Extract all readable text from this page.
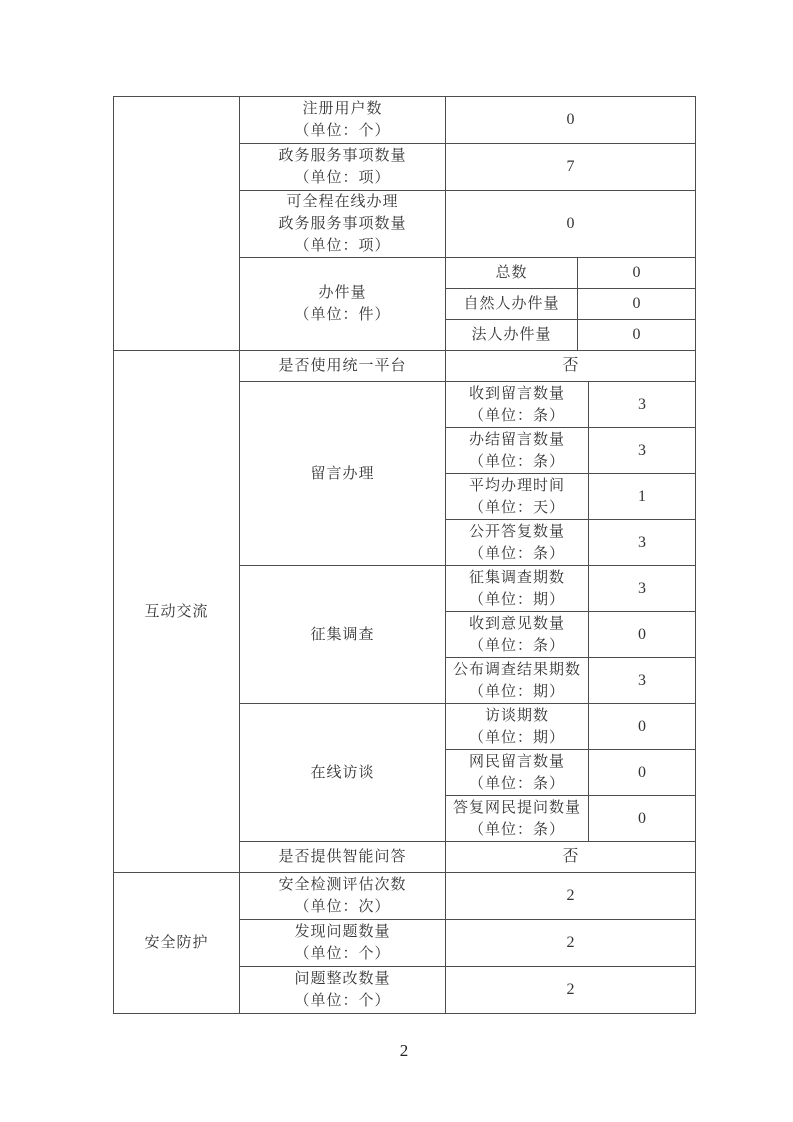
	注册用户数
（单位：个）	0		

	政务服务事项数量
（单位：项）	7		

	可全程在线办理
政务服务事项数量
（单位：项）	0		

	办件量
（单位：件）	总数	0	
		自然人办件量	0	
		法人办件量	0	
互动交流	是否使用统一平台	否		
	留言办理	收到留言数量
（单位：条）		3

		办结留言数量
（单位：条）		3

		平均办理时间
（单位：天）		1

		公开答复数量
（单位：条）		3
	征集调查	征集调查期数
（单位：期）		3

		收到意见数量
（单位：条）		0

		公布调查结果期数
（单位：期）		3
	在线访谈	访谈期数
（单位：期）		0

		网民留言数量
（单位：条）		0

		答复网民提问数量
（单位：条）		0
	是否提供智能问答	否		
安全防护	安全检测评估次数
（单位：次）	2		

	发现问题数量
（单位：个）	2		

	问题整改数量
（单位：个）	2		
2
